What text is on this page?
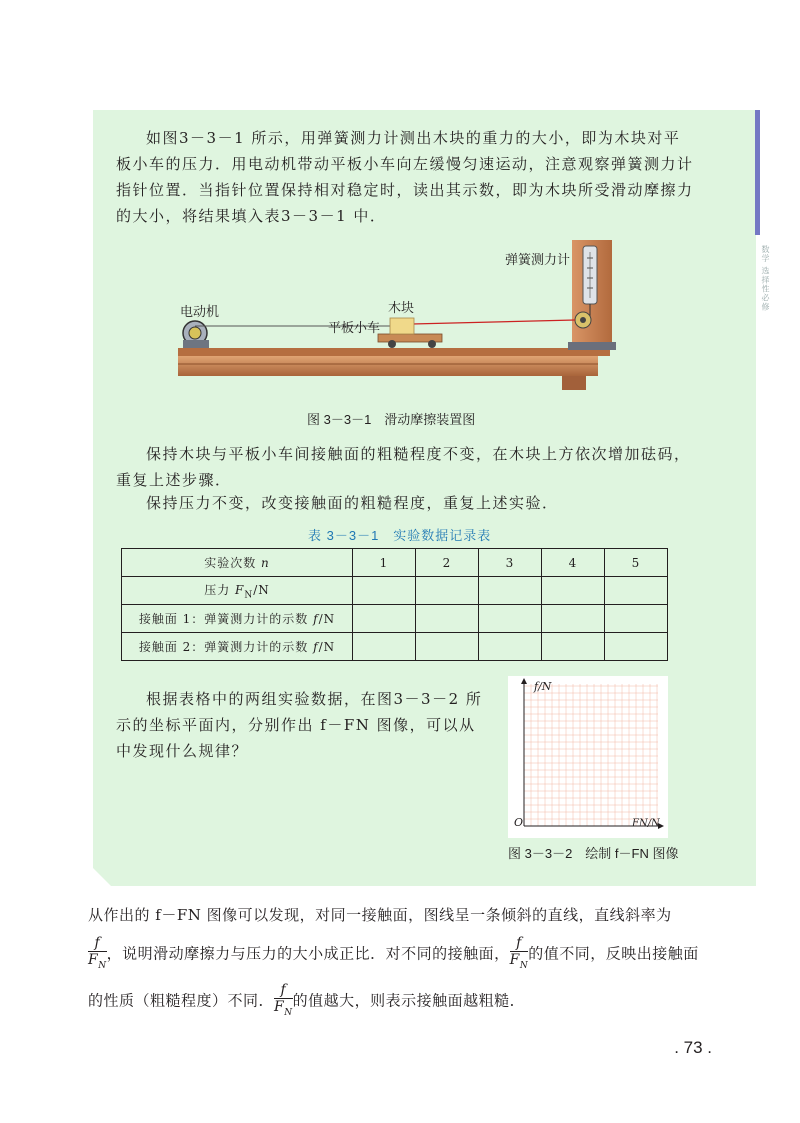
数学 选择性必修

如图3－3－1 所示，用弹簧测力计测出木块的重力的大小，即为木块对平板小车的压力．用电动机带动平板小车向左缓慢匀速运动，注意观察弹簧测力计指针位置．当指针位置保持相对稳定时，读出其示数，即为木块所受滑动摩擦力的大小，将结果填入表3－3－1 中．

电动机
平板小车
木块
弹簧测力计
图 3－3－1　滑动摩擦装置图

保持木块与平板小车间接触面的粗糙程度不变，在木块上方依次增加砝码，重复上述步骤．

保持压力不变，改变接触面的粗糙程度，重复上述实验．

表 3－3－1　实验数据记录表
实验次数 n	1	2	3	4	5
压力 $F_N/N$					
接触面 1：弹簧测力计的示数 f/N					
接触面 2：弹簧测力计的示数 f/N					

根据表格中的两组实验数据，在图3－3－2 所示的坐标平面内，分别作出 f－FN 图像，可以从中发现什么规律？

f/N
O	FN/N
图 3－3－2　绘制 f－FN 图像
从作出的 f－FN 图像可以发现，对同一接触面，图线呈一条倾斜的直线，直线斜率为
$\frac{f}{F_N}$ ，说明滑动摩擦力与压力的大小成正比．对不同的接触面， $\frac{f}{F_N}$ 的值不同，反映出接触面
的性质（粗糙程度）不同． $\frac{f}{F_N}$ 的值越大，则表示接触面越粗糙．
. 73 .
